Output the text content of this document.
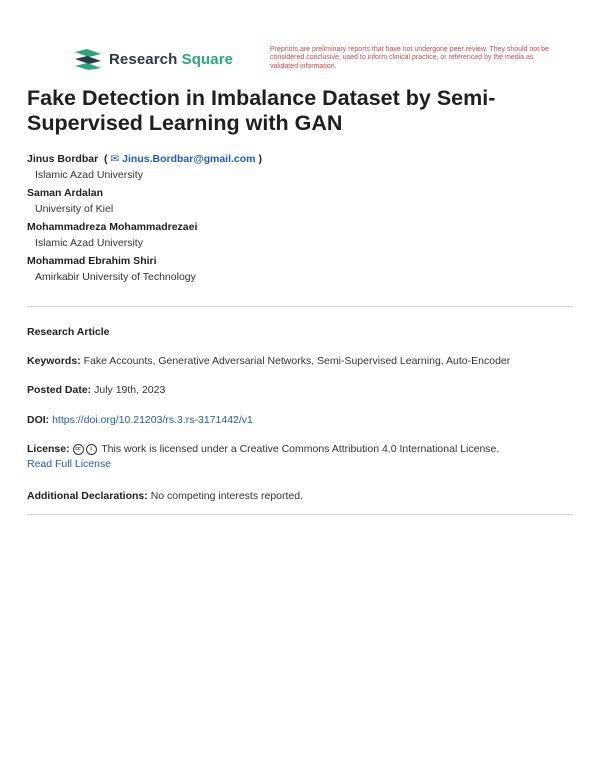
Research Square
Preprints are preliminary reports that have not undergone peer review. They should not be considered conclusive, used to inform clinical practice, or referenced by the media as validated information.
Fake Detection in Imbalance Dataset by Semi-Supervised Learning with GAN
Jinus Bordbar  ( ✉ Jinus.Bordbar@gmail.com )
Islamic Azad University
Saman Ardalan
University of Kiel
Mohammadreza Mohammadrezaei
Islamic Azad University
Mohammad Ebrahim Shiri
Amirkabir University of Technology
Research Article
Keywords: Fake Accounts, Generative Adversarial Networks, Semi-Supervised Learning, Auto-Encoder
Posted Date: July 19th, 2023
DOI: https://doi.org/10.21203/rs.3.rs-3171442/v1
License: cc i This work is licensed under a Creative Commons Attribution 4.0 International License.
Read Full License
Additional Declarations: No competing interests reported.
